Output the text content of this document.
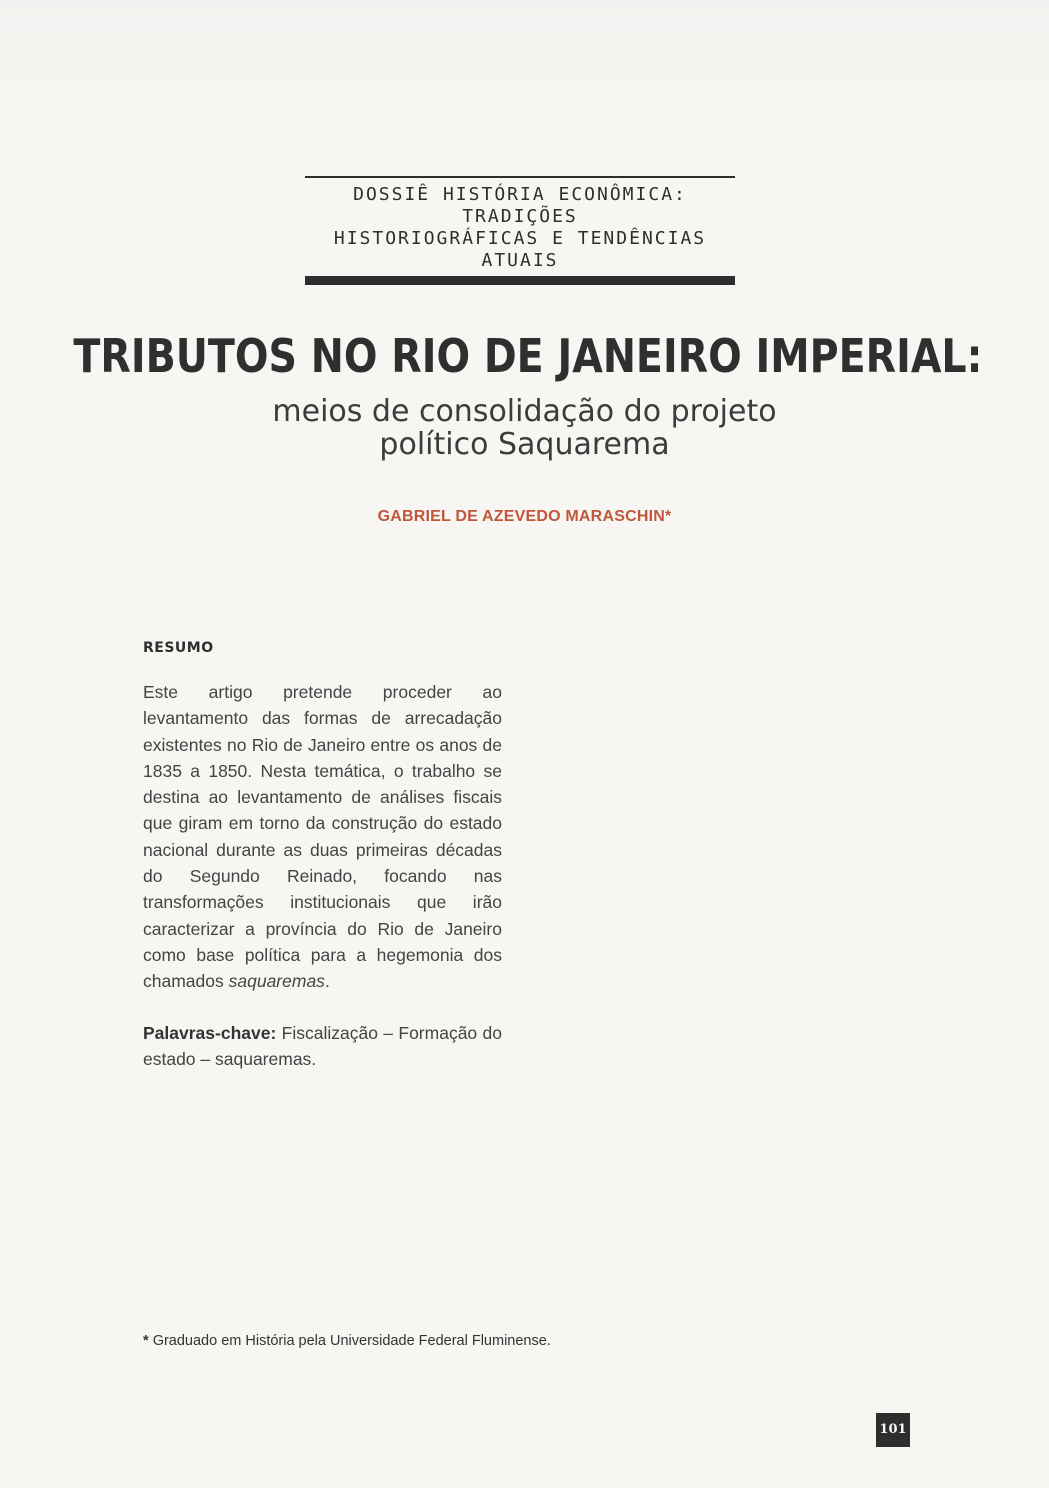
DOSSIÊ HISTÓRIA ECONÔMICA: TRADIÇÕES
HISTORIOGRÁFICAS E TENDÊNCIAS ATUAIS
TRIBUTOS NO RIO DE JANEIRO IMPERIAL:
meios de consolidação do projeto
político Saquarema
GABRIEL DE AZEVEDO MARASCHIN*
RESUMO

Este artigo pretende proceder ao levantamento das formas de arrecadação existentes no Rio de Janeiro entre os anos de 1835 a 1850. Nesta temática, o trabalho se destina ao levantamento de análises fiscais que giram em torno da construção do estado nacional durante as duas primeiras décadas do Segundo Reinado, focando nas transformações institucionais que irão caracterizar a província do Rio de Janeiro como base política para a hegemonia dos chamados saquaremas.

Palavras-chave: Fiscalização – Formação do estado – saquaremas.

* Graduado em História pela Universidade Federal Fluminense.
101
